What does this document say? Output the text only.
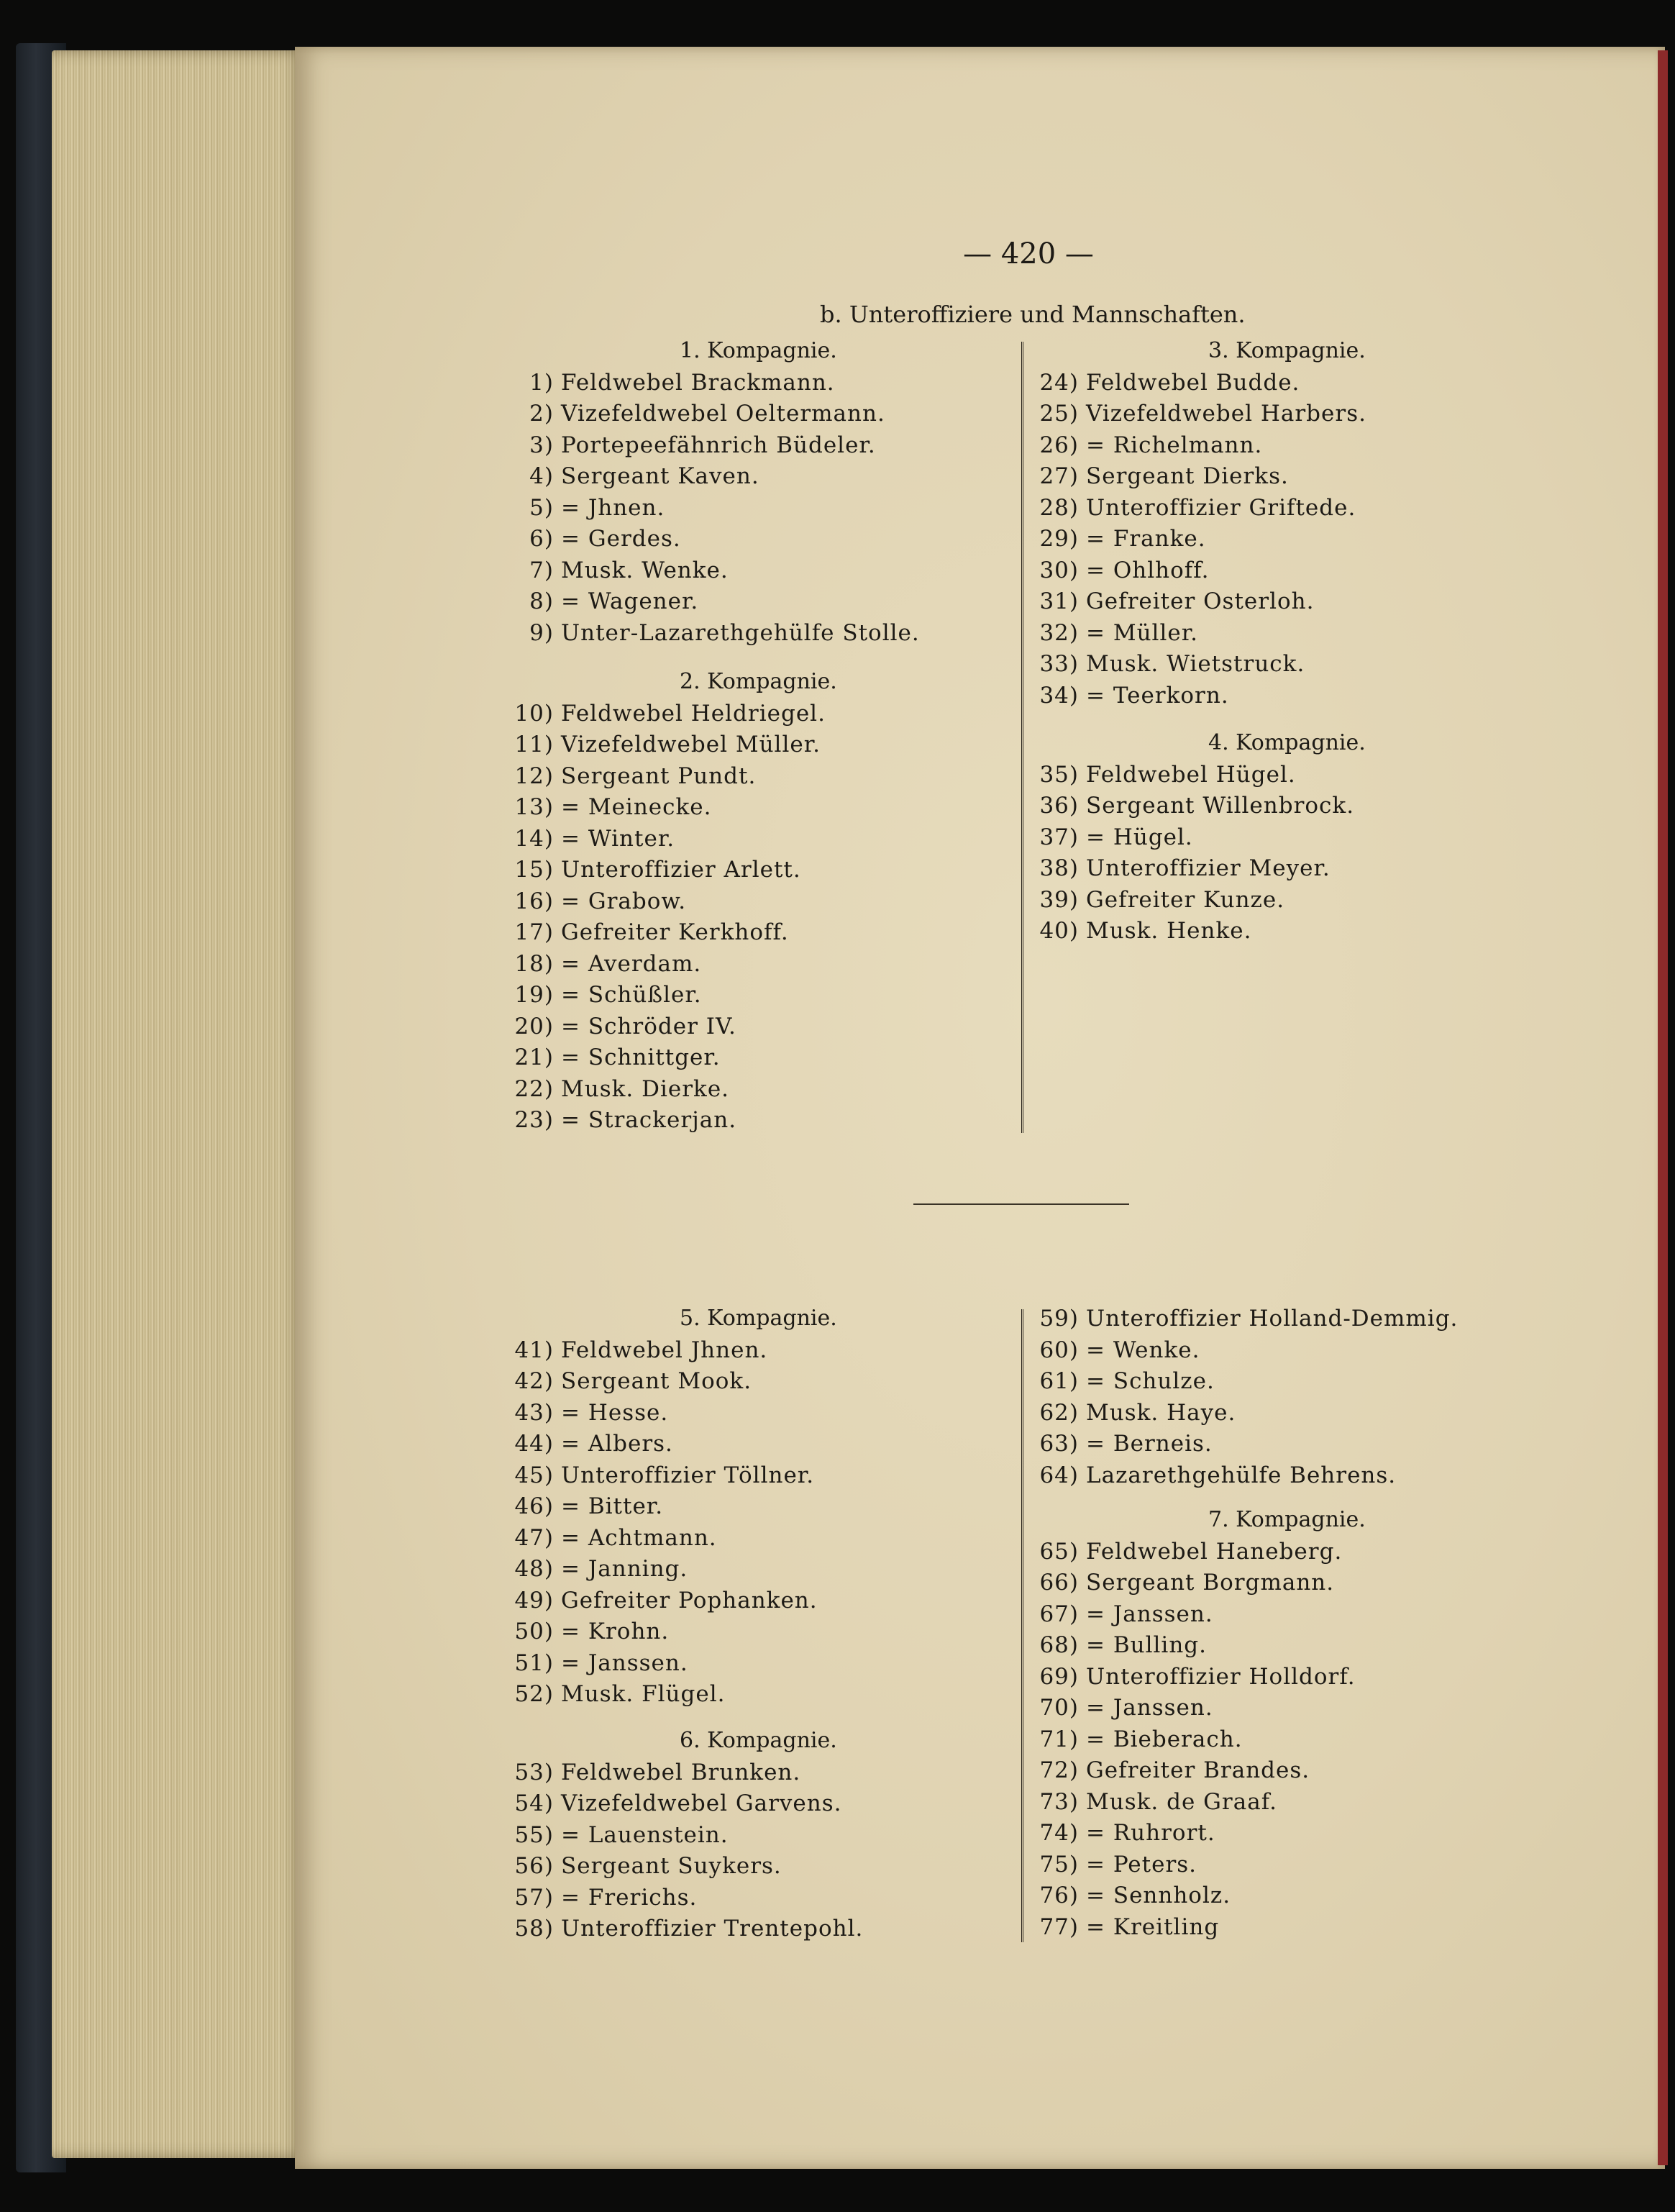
— 420 —
b. Unteroffiziere und Mannschaften.
1. Kompagnie.
1) Feldwebel Brackmann.
2) Vizefeldwebel Oeltermann.
3) Portepeefähnrich Büdeler.
4) Sergeant Kaven.
5) = Jhnen.
6) = Gerdes.
7) Musk. Wenke.
8) = Wagener.
9) Unter-Lazarethgehülfe Stolle.
2. Kompagnie.
10) Feldwebel Heldriegel.
11) Vizefeldwebel Müller.
12) Sergeant Pundt.
13) = Meinecke.
14) = Winter.
15) Unteroffizier Arlett.
16) = Grabow.
17) Gefreiter Kerkhoff.
18) = Averdam.
19) = Schüßler.
20) = Schröder IV.
21) = Schnittger.
22) Musk. Dierke.
23) = Strackerjan.
3. Kompagnie.
24) Feldwebel Budde.
25) Vizefeldwebel Harbers.
26) = Richelmann.
27) Sergeant Dierks.
28) Unteroffizier Griftede.
29) = Franke.
30) = Ohlhoff.
31) Gefreiter Osterloh.
32) = Müller.
33) Musk. Wietstruck.
34) = Teerkorn.
4. Kompagnie.
35) Feldwebel Hügel.
36) Sergeant Willenbrock.
37) = Hügel.
38) Unteroffizier Meyer.
39) Gefreiter Kunze.
40) Musk. Henke.
5. Kompagnie.
41) Feldwebel Jhnen.
42) Sergeant Mook.
43) = Hesse.
44) = Albers.
45) Unteroffizier Töllner.
46) = Bitter.
47) = Achtmann.
48) = Janning.
49) Gefreiter Pophanken.
50) = Krohn.
51) = Janssen.
52) Musk. Flügel.
6. Kompagnie.
53) Feldwebel Brunken.
54) Vizefeldwebel Garvens.
55) = Lauenstein.
56) Sergeant Suykers.
57) = Frerichs.
58) Unteroffizier Trentepohl.
59) Unteroffizier Holland-Demmig.
60) = Wenke.
61) = Schulze.
62) Musk. Haye.
63) = Berneis.
64) Lazarethgehülfe Behrens.
7. Kompagnie.
65) Feldwebel Haneberg.
66) Sergeant Borgmann.
67) = Janssen.
68) = Bulling.
69) Unteroffizier Holldorf.
70) = Janssen.
71) = Bieberach.
72) Gefreiter Brandes.
73) Musk. de Graaf.
74) = Ruhrort.
75) = Peters.
76) = Sennholz.
77) = Kreitling
